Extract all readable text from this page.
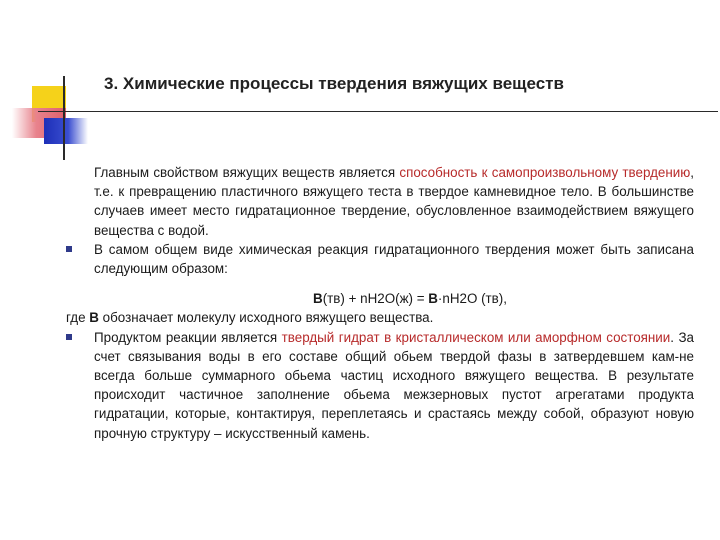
3. Химические процессы твердения вяжущих веществ

Главным свойством вяжущих веществ является способность к самопроизвольному твердению, т.е. к превращению пластичного вяжущего теста в твердое камневидное тело. В большинстве случаев имеет место гидратационное твердение, обусловленное взаимодействием вяжущего вещества с водой.

В самом общем виде химическая реакция гидратационного твердения может быть записана следующим образом:

В(тв) + nH2O(ж) = В·nH2O (тв),

где В обозначает молекулу исходного вяжущего вещества.

Продуктом реакции является твердый гидрат в кристаллическом или аморфном состоянии. За счет связывания воды в его составе общий обьем твердой фазы в затвердевшем кам-не всегда больше суммарного обьема частиц исходного вяжущего вещества. В результате происходит частичное заполнение обьема межзерновых пустот агрегатами продукта гидратации, которые, контактируя, переплетаясь и срастаясь между собой, образуют новую прочную структуру – искусственный камень.
